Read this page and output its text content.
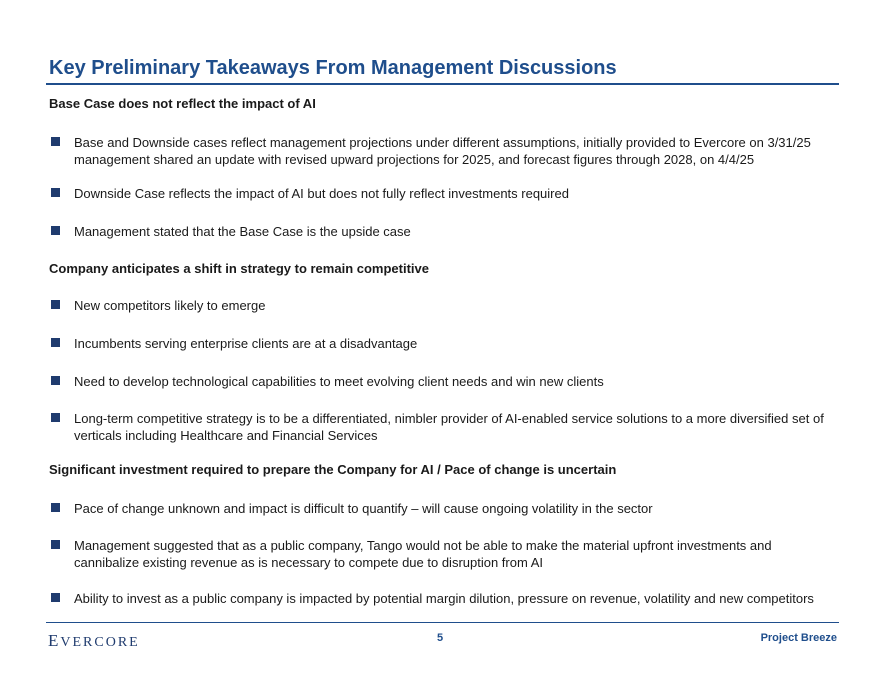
Key Preliminary Takeaways From Management Discussions
Base Case does not reflect the impact of AI
Base and Downside cases reflect management projections under different assumptions, initially provided to Evercore on 3/31/25 management shared an update with revised upward projections for 2025, and forecast figures through 2028, on 4/4/25
Downside Case reflects the impact of AI but does not fully reflect investments required
Management stated that the Base Case is the upside case
Company anticipates a shift in strategy to remain competitive
New competitors likely to emerge
Incumbents serving enterprise clients are at a disadvantage
Need to develop technological capabilities to meet evolving client needs and win new clients
Long-term competitive strategy is to be a differentiated, nimbler provider of AI-enabled service solutions to a more diversified set of verticals including Healthcare and Financial Services
Significant investment required to prepare the Company for AI / Pace of change is uncertain
Pace of change unknown and impact is difficult to quantify – will cause ongoing volatility in the sector
Management suggested that as a public company, Tango would not be able to make the material upfront investments and cannibalize existing revenue as is necessary to compete due to disruption from AI
Ability to invest as a public company is impacted by potential margin dilution, pressure on revenue, volatility and new competitors
EVERCORE	5	Project Breeze
